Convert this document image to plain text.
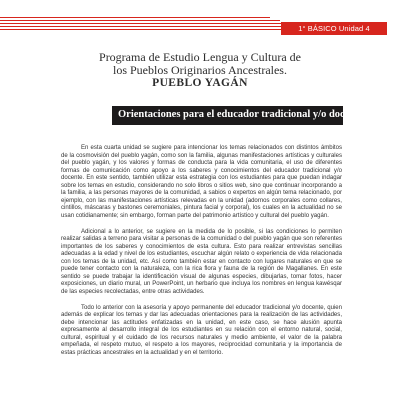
1° BÁSICO Unidad 4
Programa de Estudio Lengua y Cultura de
los Pueblos Originarios Ancestrales.
PUEBLO YAGÁN
Orientaciones para el educador tradicional y/o docente

En esta cuarta unidad se sugiere para intencionar los temas relacionados con distintos ámbitos de la cosmovisión del pueblo yagán, como son la familia, algunas manifestaciones artísticas y culturales del pueblo yagán, y los valores y formas de conducta para la vida comunitaria, el uso de diferentes formas de comunicación como apoyo a los saberes y conocimientos del educador tradicional y/o docente. En este sentido, también utilizar esta estrategia con los estudiantes para que puedan indagar sobre los temas en estudio, considerando no solo libros o sitios web, sino que continuar incorporando a la familia, a las personas mayores de la comunidad, a sabios o expertos en algún tema relacionado, por ejemplo, con las manifestaciones artísticas relevadas en la unidad (adornos corporales como collares, cintillos, máscaras y bastones ceremoniales, pintura facial y corporal), los cuales en la actualidad no se usan cotidianamente; sin embargo, forman parte del patrimonio artístico y cultural del pueblo yagán.

Adicional a lo anterior, se sugiere en la medida de lo posible, si las condiciones lo permiten realizar salidas a terreno para visitar a personas de la comunidad o del pueblo yagán que son referentes importantes de los saberes y conocimientos de esta cultura. Esto para realizar entrevistas sencillas adecuadas a la edad y nivel de los estudiantes, escuchar algún relato o experiencia de vida relacionada con los temas de la unidad, etc. Así como también estar en contacto con lugares naturales en que se puede tener contacto con la naturaleza, con la rica flora y fauna de la región de Magallanes. En este sentido se puede trabajar la identificación visual de algunas especies, dibujarlas, tomar fotos, hacer exposiciones, un diario mural, un PowerPoint, un herbario que incluya los nombres en lengua kawésqar de las especies recolectadas, entre otras actividades.

Todo lo anterior con la asesoría y apoyo permanente del educador tradicional y/o docente, quien además de explicar los temas y dar las adecuadas orientaciones para la realización de las actividades, debe intencionar las actitudes enfatizadas en la unidad, en este caso, se hace alusión apunta expresamente al desarrollo integral de los estudiantes en su relación con el entorno natural, social, cultural, espiritual y el cuidado de los recursos naturales y medio ambiente, el valor de la palabra empeñada, el respeto mutuo, el respeto a los mayores, reciprocidad comunitaria y la importancia de estas prácticas ancestrales en la actualidad y en el territorio.
